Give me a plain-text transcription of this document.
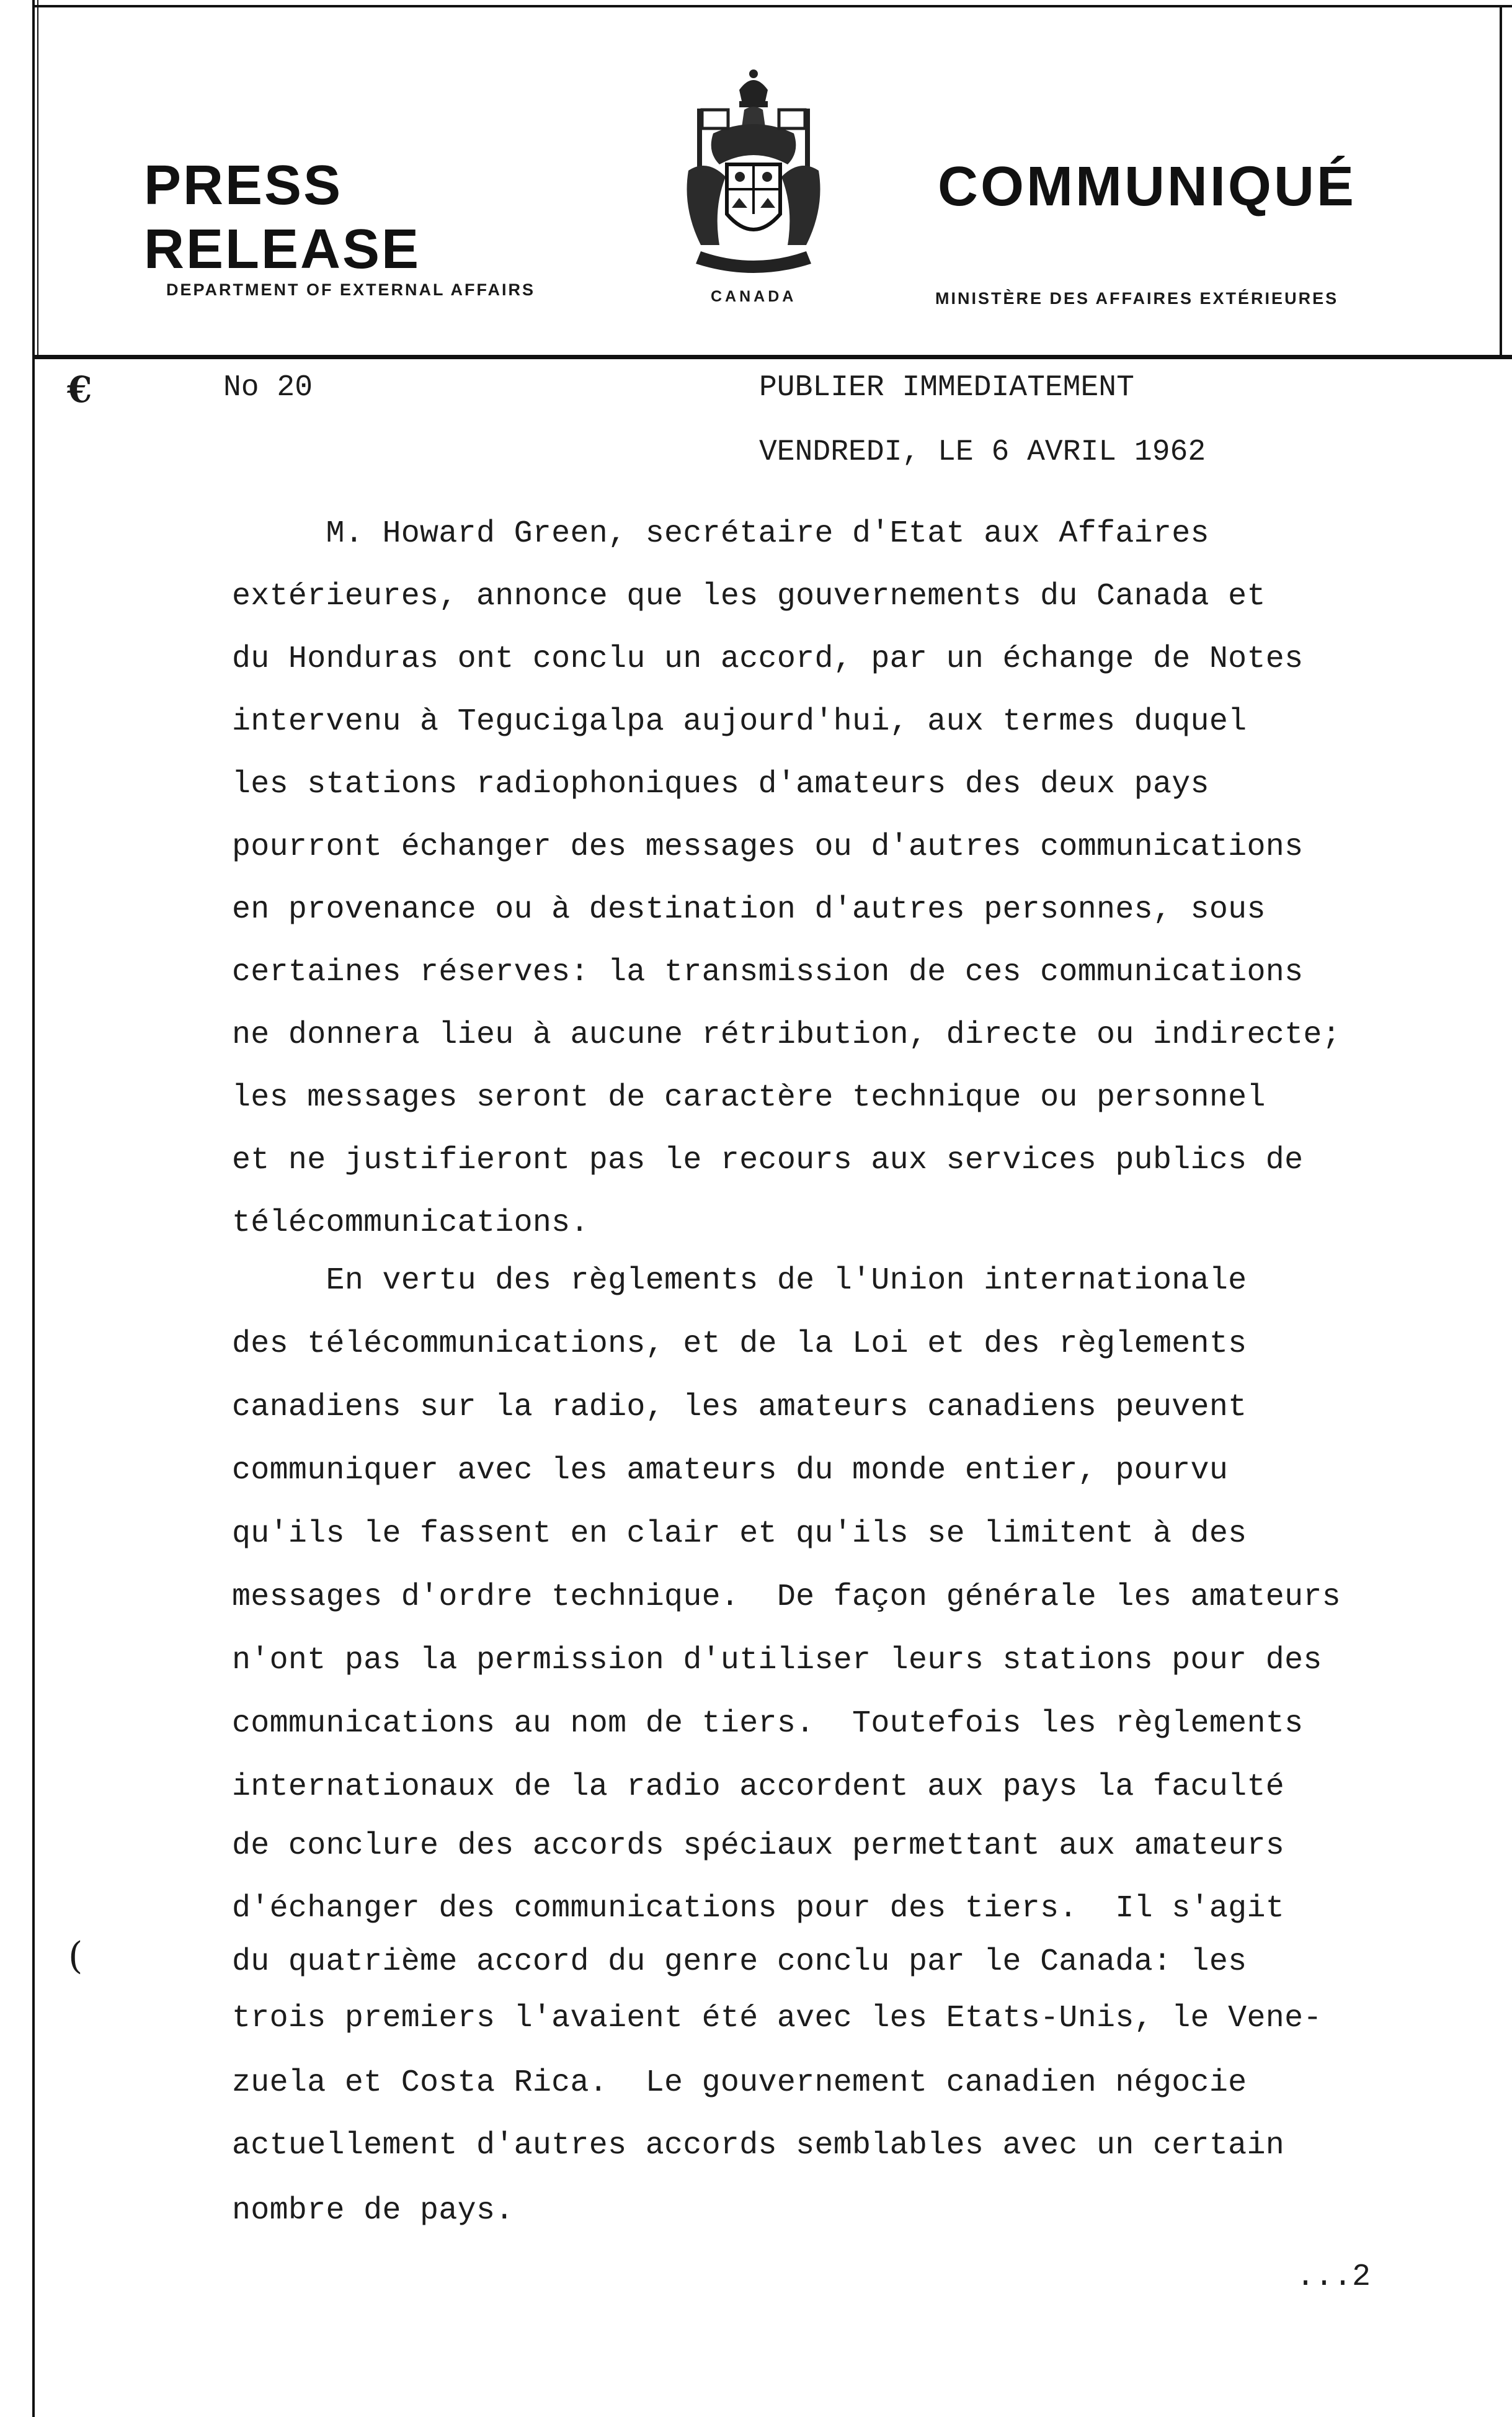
PRESS RELEASE
COMMUNIQUÉ
DEPARTMENT OF EXTERNAL AFFAIRS	CANADA	MINISTÈRE DES AFFAIRES EXTÉRIEURES
€
(
No 20	PUBLIER IMMEDIATEMENT
VENDREDI, LE 6 AVRIL 1962
M. Howard Green, secrétaire d'Etat aux Affaires
extérieures, annonce que les gouvernements du Canada et
du Honduras ont conclu un accord, par un échange de Notes
intervenu à Tegucigalpa aujourd'hui, aux termes duquel
les stations radiophoniques d'amateurs des deux pays
pourront échanger des messages ou d'autres communications
en provenance ou à destination d'autres personnes, sous
certaines réserves: la transmission de ces communications
ne donnera lieu à aucune rétribution, directe ou indirecte;
les messages seront de caractère technique ou personnel
et ne justifieront pas le recours aux services publics de
télécommunications.
En vertu des règlements de l'Union internationale
des télécommunications, et de la Loi et des règlements
canadiens sur la radio, les amateurs canadiens peuvent
communiquer avec les amateurs du monde entier, pourvu
qu'ils le fassent en clair et qu'ils se limitent à des
messages d'ordre technique.  De façon générale les amateurs
n'ont pas la permission d'utiliser leurs stations pour des
communications au nom de tiers.  Toutefois les règlements
internationaux de la radio accordent aux pays la faculté
de conclure des accords spéciaux permettant aux amateurs
d'échanger des communications pour des tiers.  Il s'agit
du quatrième accord du genre conclu par le Canada: les
trois premiers l'avaient été avec les Etats-Unis, le Vene-
zuela et Costa Rica.  Le gouvernement canadien négocie
actuellement d'autres accords semblables avec un certain
nombre de pays.
...2
